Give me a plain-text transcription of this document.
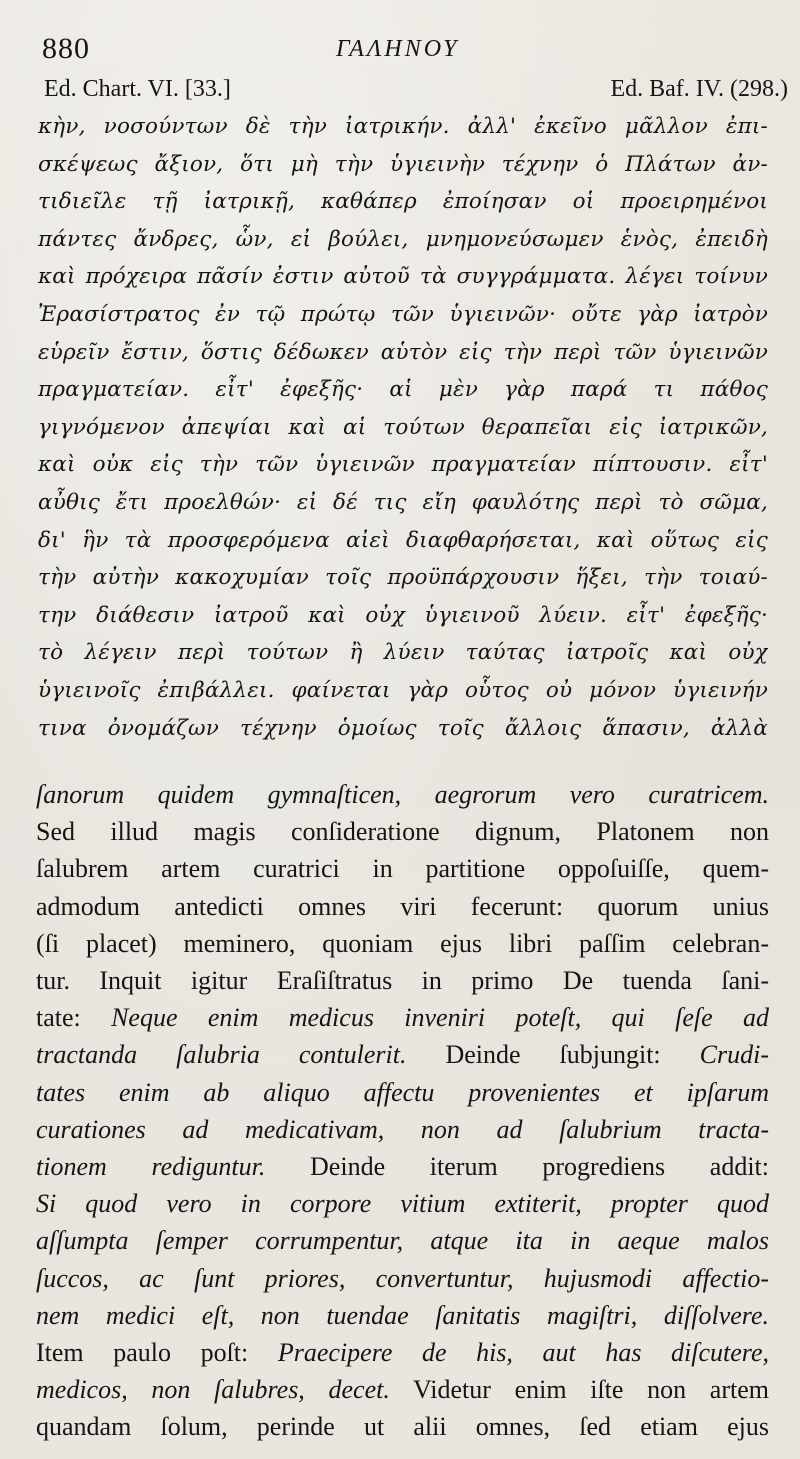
880	ΓΑΛΗΝΟΥ
Ed. Chart. VI. [33.]	Ed. Baf. IV. (298.)
κὴν, νοσούντων δὲ τὴν ἰατρικήν. ἀλλ' ἐκεῖνο μᾶλλον ἐπι-
σκέψεως ἄξιον, ὅτι μὴ τὴν ὑγιεινὴν τέχνην ὁ Πλάτων ἀν-
τιδιεῖλε τῇ ἰατρικῇ, καθάπερ ἐποίησαν οἱ προειρημένοι
πάντες ἄνδρες, ὧν, εἰ βούλει, μνημονεύσωμεν ἑνὸς, ἐπειδὴ
καὶ πρόχειρα πᾶσίν ἐστιν αὐτοῦ τὰ συγγράμματα. λέγει τοίνυν
Ἐρασίστρατος ἐν τῷ πρώτῳ τῶν ὑγιεινῶν· οὔτε γὰρ ἰατρὸν
εὑρεῖν ἔστιν, ὅστις δέδωκεν αὑτὸν εἰς τὴν περὶ τῶν ὑγιεινῶν
πραγματείαν. εἶτ' ἐφεξῆς· αἱ μὲν γὰρ παρά τι πάθος
γιγνόμενον ἀπεψίαι καὶ αἱ τούτων θεραπεῖαι εἰς ἰατρικῶν,
καὶ οὐκ εἰς τὴν τῶν ὑγιεινῶν πραγματείαν πίπτουσιν. εἶτ'
αὖθις ἔτι προελθών· εἰ δέ τις εἴη φαυλότης περὶ τὸ σῶμα,
δι' ἣν τὰ προσφερόμενα αἰεὶ διαφθαρήσεται, καὶ οὕτως εἰς
τὴν αὐτὴν κακοχυμίαν τοῖς προϋπάρχουσιν ἥξει, τὴν τοιαύ-
την διάθεσιν ἰατροῦ καὶ οὐχ ὑγιεινοῦ λύειν. εἶτ' ἐφεξῆς·
τὸ λέγειν περὶ τούτων ἢ λύειν ταύτας ἰατροῖς καὶ οὐχ
ὑγιεινοῖς ἐπιβάλλει. φαίνεται γὰρ οὗτος οὐ μόνον ὑγιεινήν
τινα ὀνομάζων τέχνην ὁμοίως τοῖς ἄλλοις ἅπασιν, ἀλλὰ
ſanorum quidem gymnaſticen, aegrorum vero curatricem.
Sed illud magis conſideratione dignum, Platonem non
ſalubrem artem curatrici in partitione oppoſuiſſe, quem-
admodum antedicti omnes viri fecerunt: quorum unius
(ſi placet) meminero, quoniam ejus libri paſſim celebran-
tur. Inquit igitur Eraſiſtratus in primo De tuenda ſani-
tate: Neque enim medicus inveniri poteſt, qui ſeſe ad
tractanda ſalubria contulerit. Deinde ſubjungit: Crudi-
tates enim ab aliquo affectu provenientes et ipſarum
curationes ad medicativam, non ad ſalubrium tracta-
tionem rediguntur. Deinde iterum progrediens addit:
Si quod vero in corpore vitium extiterit, propter quod
aſſumpta ſemper corrumpentur, atque ita in aeque malos
ſuccos, ac ſunt priores, convertuntur, hujusmodi affectio-
nem medici eſt, non tuendae ſanitatis magiſtri, diſſolvere.
Item paulo poſt: Praecipere de his, aut has diſcutere,
medicos, non ſalubres, decet. Videtur enim iſte non artem
quandam ſolum, perinde ut alii omnes, ſed etiam ejus
